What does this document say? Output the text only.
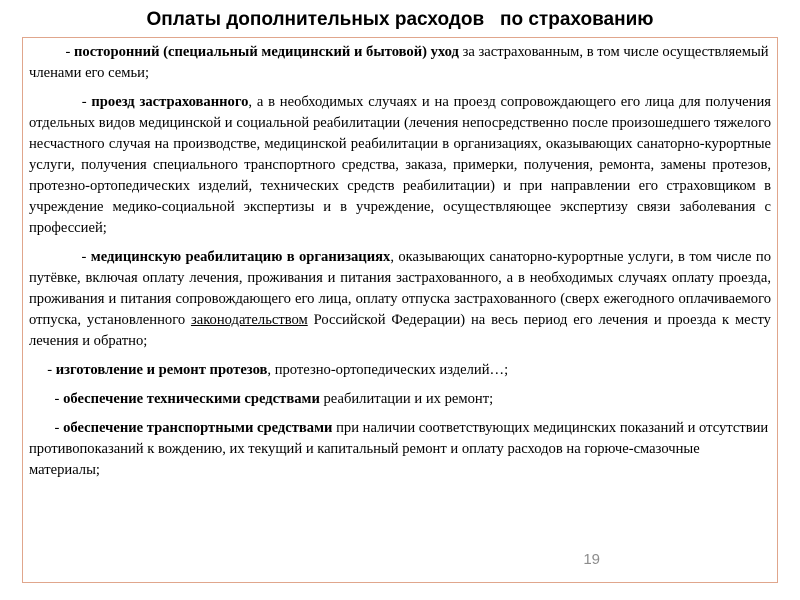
Оплаты дополнительных расходов   по страхованию

- посторонний (специальный медицинский и бытовой) уход за застрахованным, в том числе осуществляемый членами его семьи;

- проезд застрахованного, а в необходимых случаях и на проезд сопровождающего его лица для получения отдельных видов медицинской и социальной реабилитации (лечения непосредственно после произошедшего тяжелого несчастного случая на производстве, медицинской реабилитации в организациях, оказывающих санаторно-курортные услуги, получения специального транспортного средства, заказа, примерки, получения, ремонта, замены протезов, протезно-ортопедических изделий, технических средств реабилитации) и при направлении его страховщиком в учреждение медико-социальной экспертизы и в учреждение, осуществляющее экспертизу связи заболевания с профессией;

- медицинскую реабилитацию в организациях, оказывающих санаторно-курортные услуги, в том числе по путёвке, включая оплату лечения, проживания и питания застрахованного, а в необходимых случаях оплату проезда, проживания и питания сопровождающего его лица, оплату отпуска застрахованного (сверх ежегодного оплачиваемого отпуска, установленного законодательством Российской Федерации) на весь период его лечения и проезда к месту лечения и обратно;

- изготовление и ремонт протезов, протезно-ортопедических изделий…;

- обеспечение техническими средствами реабилитации и их ремонт;

- обеспечение транспортными средствами при наличии соответствующих медицинских показаний и отсутствии противопоказаний к вождению, их текущий и капитальный ремонт и оплату расходов на горюче-смазочные материалы;

19
